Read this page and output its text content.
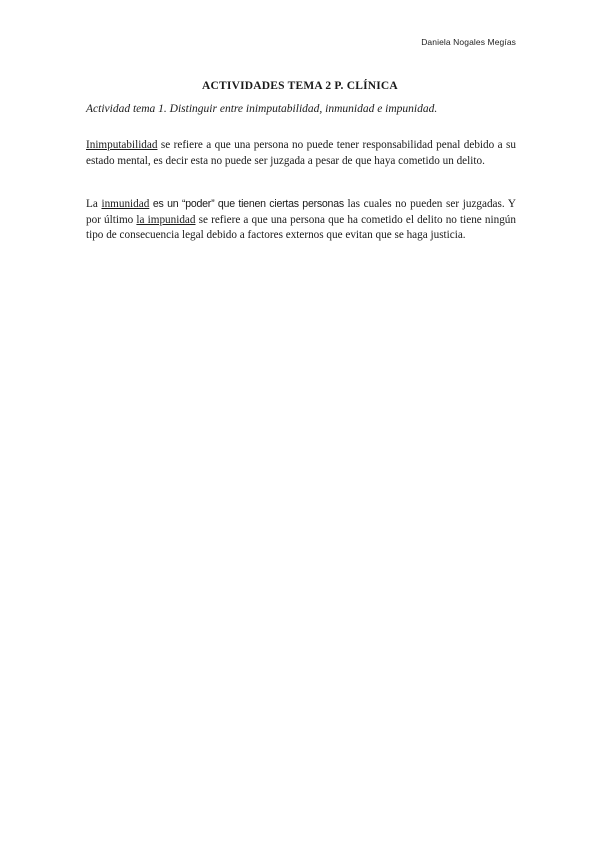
Daniela Nogales Megías
ACTIVIDADES TEMA 2 P. CLÍNICA
Actividad tema 1. Distinguir entre inimputabilidad, inmunidad e impunidad.

Inimputabilidad se refiere a que una persona no puede tener responsabilidad penal debido a su estado mental, es decir esta no puede ser juzgada a pesar de que haya cometido un delito.

La inmunidad es un “poder” que tienen ciertas personas las cuales no pueden ser juzgadas. Y por último la impunidad se refiere a que una persona que ha cometido el delito no tiene ningún tipo de consecuencia legal debido a factores externos que evitan que se haga justicia.
